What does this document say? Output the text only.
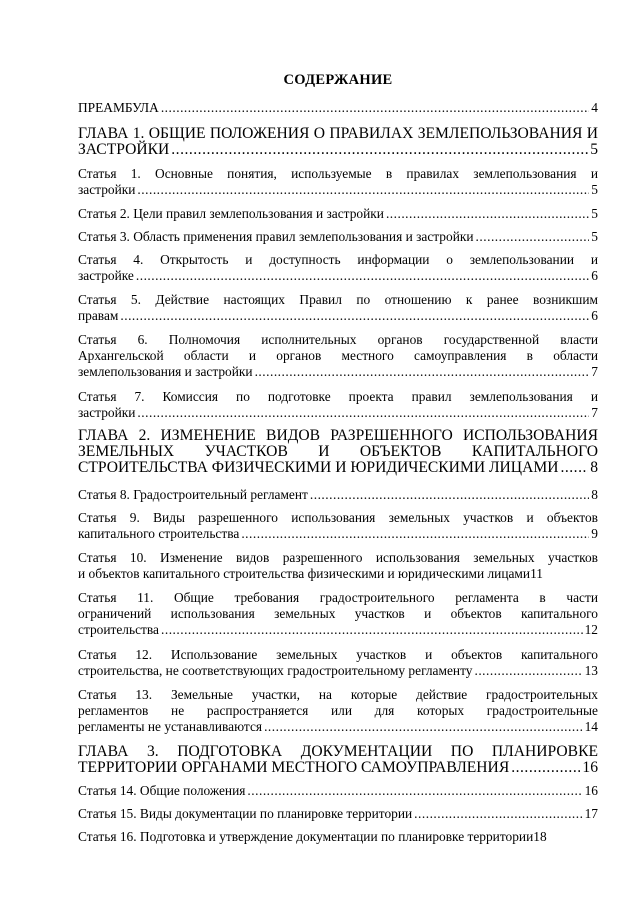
СОДЕРЖАНИЕ
ПРЕАМБУЛА .....	4
ГЛАВА 1. ОБЩИЕ ПОЛОЖЕНИЯ О ПРАВИЛАХ ЗЕМЛЕПОЛЬЗОВАНИЯ И
ЗАСТРОЙКИ .....	5
Статья 1. Основные понятия, используемые в правилах землепользования и
застройки .....	5
Статья 2. Цели правил землепользования и застройки .....	5
Статья 3. Область применения правил землепользования и застройки .....	5
Статья 4. Открытость и доступность информации о землепользовании и
застройке .....	6
Статья 5. Действие настоящих Правил по отношению к ранее возникшим
правам .....	6
Статья 6. Полномочия исполнительных органов государственной власти
Архангельской области и органов местного самоуправления в области
землепользования и застройки .....	7
Статья 7. Комиссия по подготовке проекта правил землепользования и
застройки .....	7
ГЛАВА 2. ИЗМЕНЕНИЕ ВИДОВ РАЗРЕШЕННОГО ИСПОЛЬЗОВАНИЯ
ЗЕМЕЛЬНЫХ УЧАСТКОВ И ОБЪЕКТОВ КАПИТАЛЬНОГО
СТРОИТЕЛЬСТВА ФИЗИЧЕСКИМИ И ЮРИДИЧЕСКИМИ ЛИЦАМИ ..... 8
Статья 8. Градостроительный регламент .....	8
Статья 9. Виды разрешенного использования земельных участков и объектов
капитального строительства .....	9
Статья 10. Изменение видов разрешенного использования земельных участков
и объектов капитального строительства физическими и юридическими лицами 11
Статья 11. Общие требования градостроительного регламента в части
ограничений использования земельных участков и объектов капитального
строительства .....	12
Статья 12. Использование земельных участков и объектов капитального
строительства, не соответствующих градостроительному регламенту .....	13
Статья 13. Земельные участки, на которые действие градостроительных
регламентов не распространяется или для которых градостроительные
регламенты не устанавливаются .....	14
ГЛАВА 3. ПОДГОТОВКА ДОКУМЕНТАЦИИ ПО ПЛАНИРОВКЕ
ТЕРРИТОРИИ ОРГАНАМИ МЕСТНОГО САМОУПРАВЛЕНИЯ .....	16
Статья 14. Общие положения .....	16
Статья 15. Виды документации по планировке территории .....	17
Статья 16. Подготовка и утверждение документации по планировке территории 18
